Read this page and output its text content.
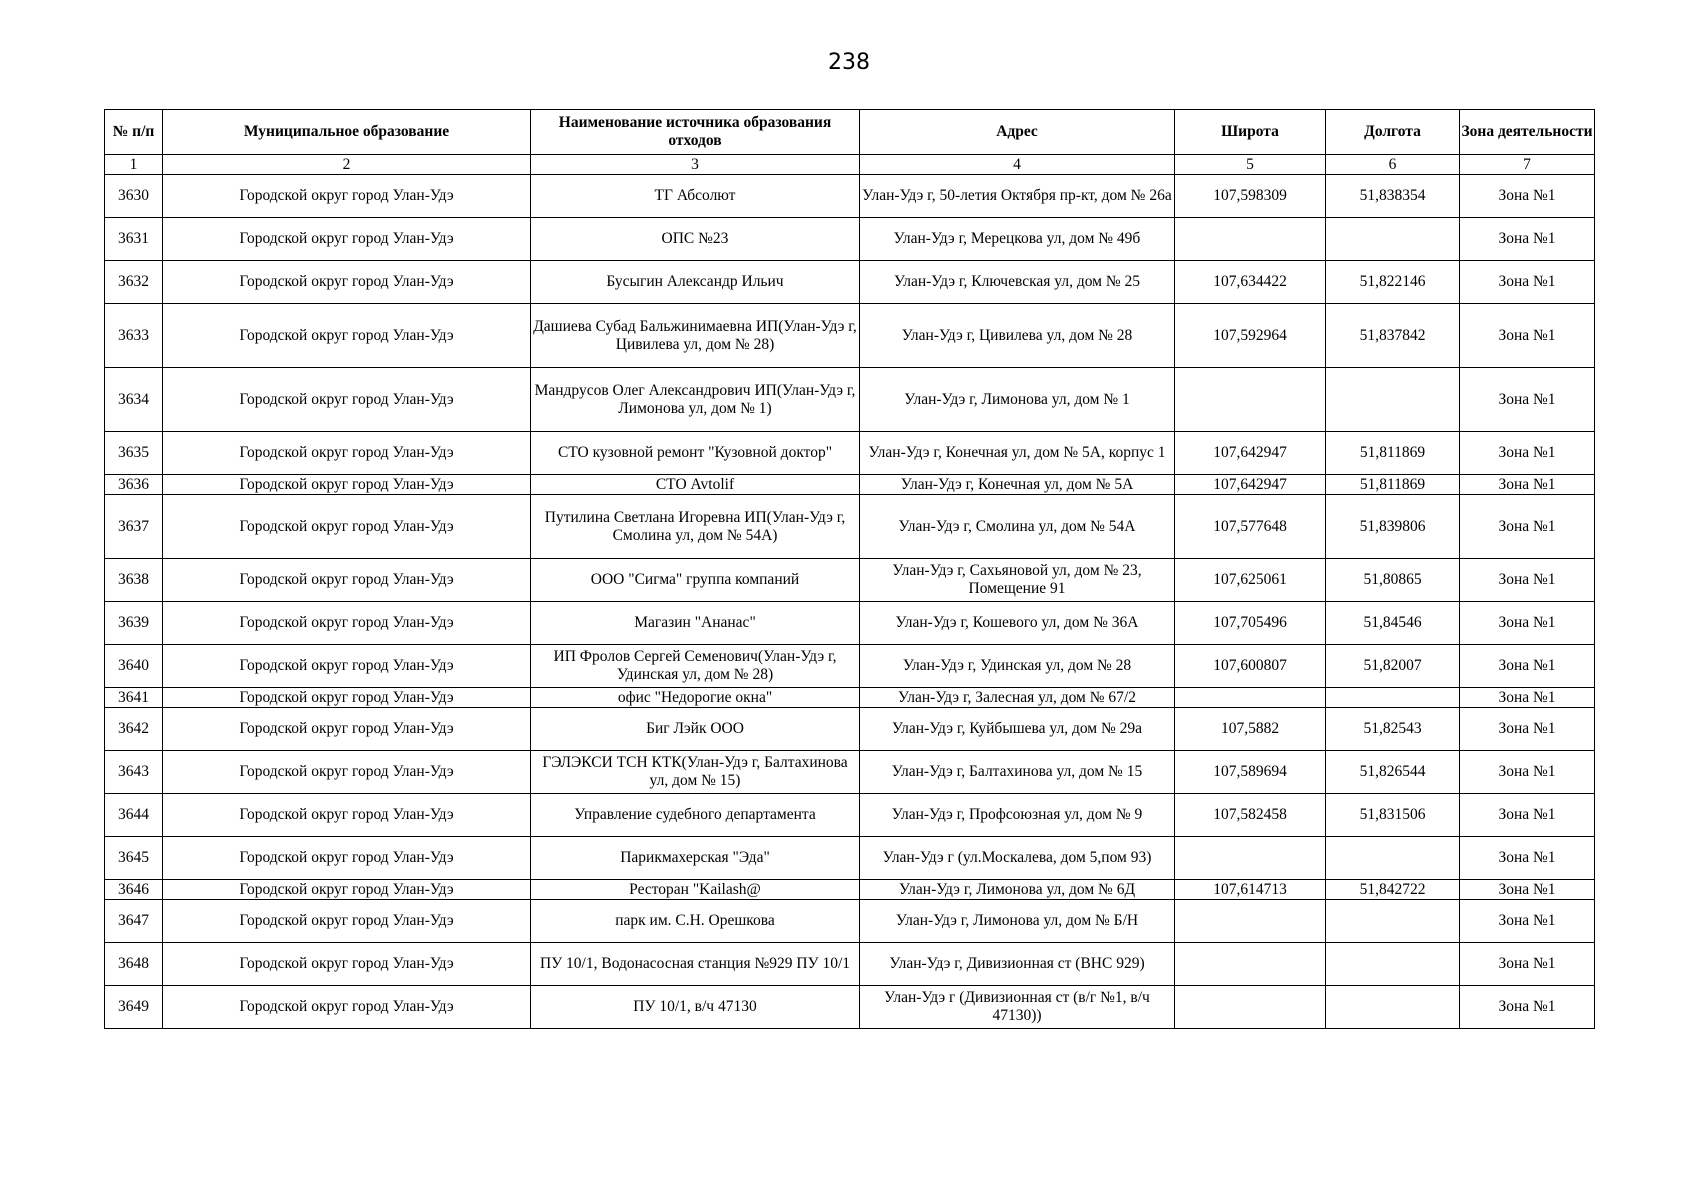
238
№ п/п	Муниципальное образование	Наименование источника образования отходов	Адрес	Широта	Долгота	Зона деятельности
1	2	3	4	5	6	7
3630	Городской округ город Улан-Удэ	ТГ Абсолют	Улан-Удэ г, 50-летия Октября пр-кт, дом № 26а	107,598309	51,838354	Зона №1
3631	Городской округ город Улан-Удэ	ОПС №23	Улан-Удэ г, Мерецкова ул, дом № 49б			Зона №1
3632	Городской округ город Улан-Удэ	Бусыгин Александр Ильич	Улан-Удэ г, Ключевская ул, дом № 25	107,634422	51,822146	Зона №1
3633	Городской округ город Улан-Удэ	Дашиева Субад Бальжинимаевна ИП(Улан-Удэ г, Цивилева ул, дом № 28)	Улан-Удэ г, Цивилева ул, дом № 28	107,592964	51,837842	Зона №1
3634	Городской округ город Улан-Удэ	Мандрусов Олег Александрович ИП(Улан-Удэ г, Лимонова ул, дом № 1)	Улан-Удэ г, Лимонова ул, дом № 1			Зона №1
3635	Городской округ город Улан-Удэ	СТО кузовной ремонт "Кузовной доктор"	Улан-Удэ г, Конечная ул, дом № 5А, корпус 1	107,642947	51,811869	Зона №1
3636	Городской округ город Улан-Удэ	СТО Avtolif	Улан-Удэ г, Конечная ул, дом № 5А	107,642947	51,811869	Зона №1
3637	Городской округ город Улан-Удэ	Путилина Светлана Игоревна ИП(Улан-Удэ г, Смолина ул, дом № 54А)	Улан-Удэ г, Смолина ул, дом № 54А	107,577648	51,839806	Зона №1
3638	Городской округ город Улан-Удэ	ООО "Сигма" группа компаний	Улан-Удэ г, Сахьяновой ул, дом № 23, Помещение 91	107,625061	51,80865	Зона №1
3639	Городской округ город Улан-Удэ	Магазин "Ананас"	Улан-Удэ г, Кошевого ул, дом № 36А	107,705496	51,84546	Зона №1
3640	Городской округ город Улан-Удэ	ИП Фролов Сергей Семенович(Улан-Удэ г, Удинская ул, дом № 28)	Улан-Удэ г, Удинская ул, дом № 28	107,600807	51,82007	Зона №1
3641	Городской округ город Улан-Удэ	офис "Недорогие окна"	Улан-Удэ г, Залесная ул, дом № 67/2			Зона №1
3642	Городской округ город Улан-Удэ	Биг Лэйк ООО	Улан-Удэ г, Куйбышева ул, дом № 29а	107,5882	51,82543	Зона №1
3643	Городской округ город Улан-Удэ	ГЭЛЭКСИ ТСН КТК(Улан-Удэ г, Балтахинова ул, дом № 15)	Улан-Удэ г, Балтахинова ул, дом № 15	107,589694	51,826544	Зона №1
3644	Городской округ город Улан-Удэ	Управление судебного департамента	Улан-Удэ г, Профсоюзная ул, дом № 9	107,582458	51,831506	Зона №1
3645	Городской округ город Улан-Удэ	Парикмахерская "Эда"	Улан-Удэ г (ул.Москалева, дом 5,пом 93)			Зона №1
3646	Городской округ город Улан-Удэ	Ресторан "Kailash@	Улан-Удэ г, Лимонова ул, дом № 6Д	107,614713	51,842722	Зона №1
3647	Городской округ город Улан-Удэ	парк им. С.Н. Орешкова	Улан-Удэ г, Лимонова ул, дом № Б/Н			Зона №1
3648	Городской округ город Улан-Удэ	ПУ 10/1, Водонасосная станция №929 ПУ 10/1	Улан-Удэ г, Дивизионная ст (ВНС 929)			Зона №1
3649	Городской округ город Улан-Удэ	ПУ 10/1, в/ч 47130	Улан-Удэ г (Дивизионная ст (в/г №1, в/ч 47130))			Зона №1
